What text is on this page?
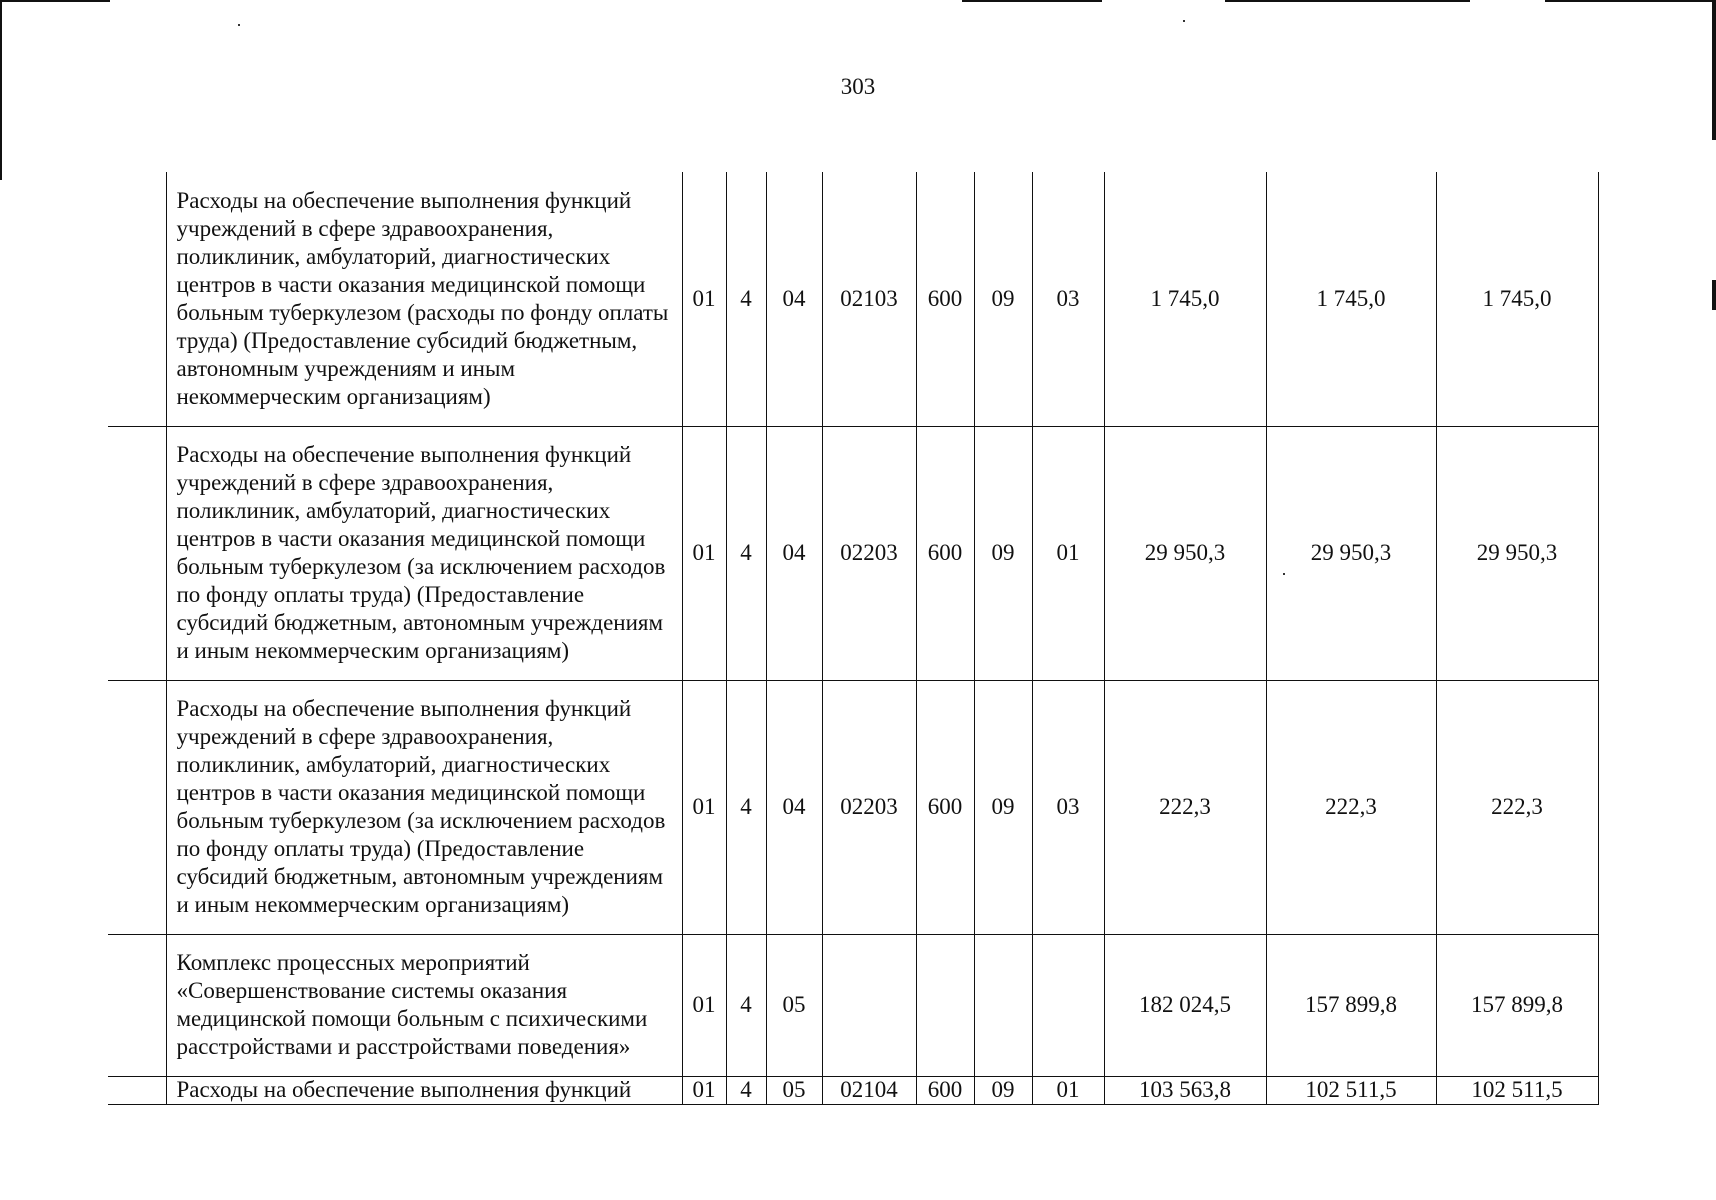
303
	Расходы на обеспечение выполнения функций учреждений в сфере здравоохранения, поликлиник, амбулаторий, диагностических центров в части оказания медицинской помощи больным туберкулезом (расходы по фонду оплаты труда) (Предоставление субсидий бюджетным, автономным учреждениям и иным некоммерческим организациям)	01	4	04	02103	600	09	03	1 745,0	1 745,0	1 745,0
	Расходы на обеспечение выполнения функций учреждений в сфере здравоохранения, поликлиник, амбулаторий, диагностических центров в части оказания медицинской помощи больным туберкулезом (за исключением расходов по фонду оплаты труда) (Предоставление субсидий бюджетным, автономным учреждениям и иным некоммерческим организациям)	01	4	04	02203	600	09	01	29 950,3	29 950,3	29 950,3
	Расходы на обеспечение выполнения функций учреждений в сфере здравоохранения, поликлиник, амбулаторий, диагностических центров в части оказания медицинской помощи больным туберкулезом (за исключением расходов по фонду оплаты труда) (Предоставление субсидий бюджетным, автономным учреждениям и иным некоммерческим организациям)	01	4	04	02203	600	09	03	222,3	222,3	222,3
	Комплекс процессных мероприятий «Совершенствование системы оказания медицинской помощи больным с психическими расстройствами и расстройствами поведения»	01	4	05					182 024,5	157 899,8	157 899,8
	Расходы на обеспечение выполнения функций	01	4	05	02104	600	09	01	103 563,8	102 511,5	102 511,5
